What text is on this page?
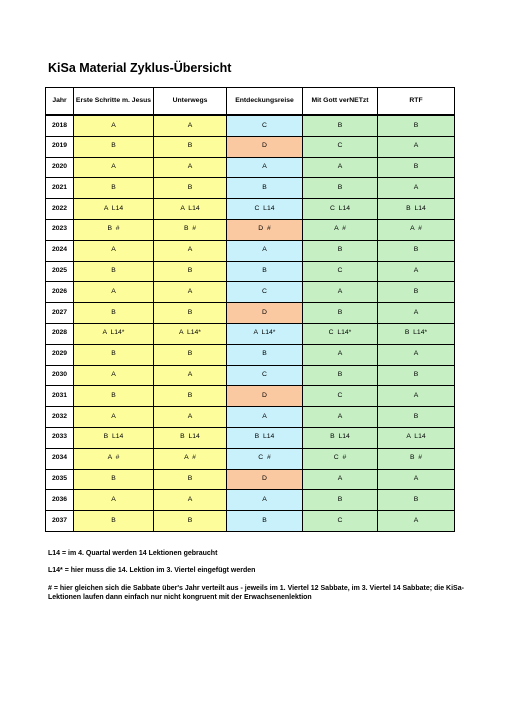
KiSa Material Zyklus-Übersicht
Jahr	Erste Schritte m. Jesus	Unterwegs	Entdeckungsreise	Mit Gott verNETzt	RTF
2018	A	A	C	B	B
2019	B	B	D	C	A
2020	A	A	A	A	B
2021	B	B	B	B	A
2022	A  L14	A  L14	C  L14	C  L14	B  L14
2023	B  #	B  #	D  #	A  #	A  #
2024	A	A	A	B	B
2025	B	B	B	C	A
2026	A	A	C	A	B
2027	B	B	D	B	A
2028	A  L14*	A  L14*	A  L14*	C  L14*	B  L14*
2029	B	B	B	A	A
2030	A	A	C	B	B
2031	B	B	D	C	A
2032	A	A	A	A	B
2033	B  L14	B  L14	B  L14	B  L14	A  L14
2034	A  #	A  #	C  #	C  #	B  #
2035	B	B	D	A	A
2036	A	A	A	B	B
2037	B	B	B	C	A

L14 = im 4. Quartal werden 14 Lektionen gebraucht

L14* = hier muss die 14. Lektion im 3. Viertel eingefügt werden

# = hier gleichen sich die Sabbate über's Jahr verteilt aus - jeweils im 1. Viertel 12 Sabbate, im 3. Viertel 14 Sabbate; die KiSa-Lektionen laufen dann einfach nur nicht kongruent mit der Erwachsenenlektion
